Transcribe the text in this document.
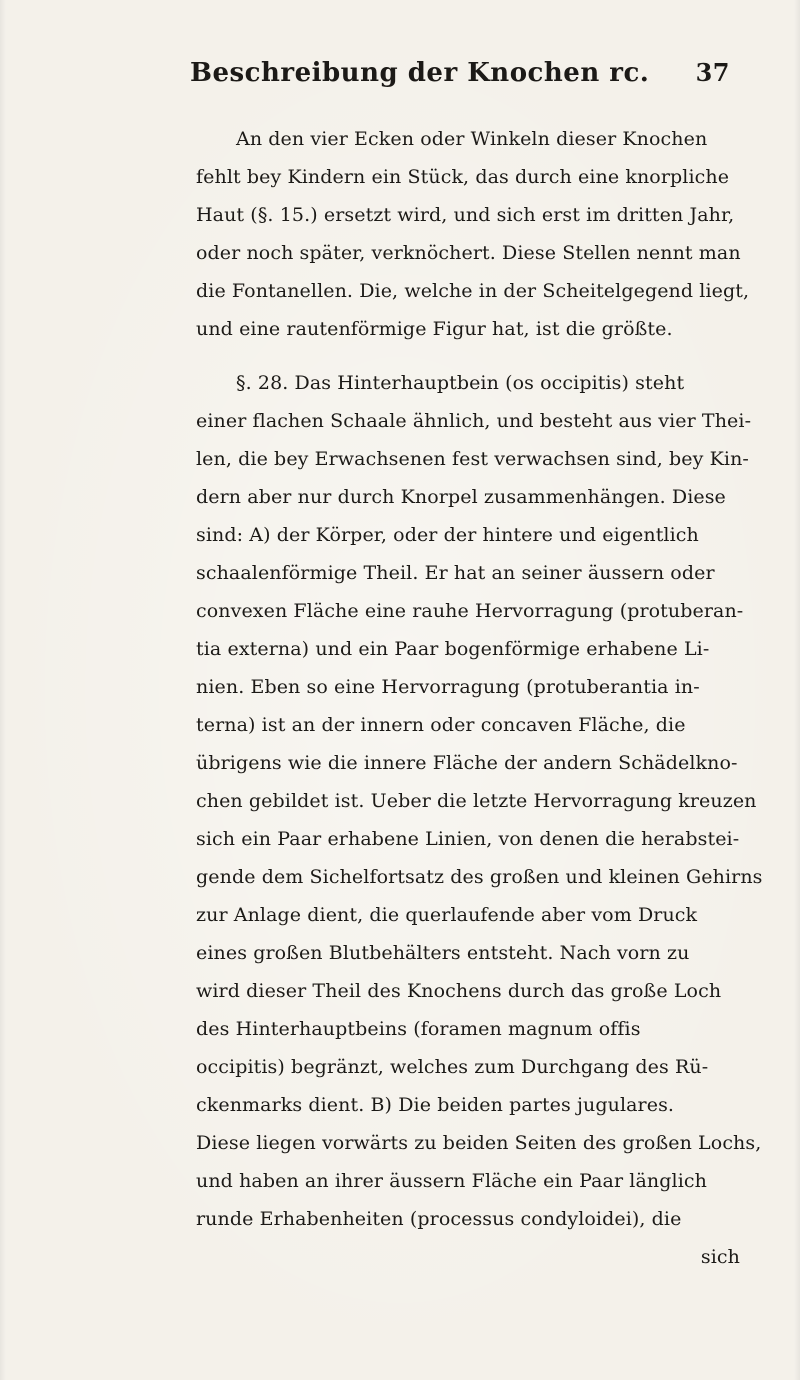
Beschreibung der Knochen rc. 37
An den vier Ecken oder Winkeln dieser Knochen
fehlt bey Kindern ein Stück, das durch eine knorpliche
Haut (§. 15.) ersetzt wird, und sich erst im dritten Jahr,
oder noch später, verknöchert. Diese Stellen nennt man
die Fontanellen. Die, welche in der Scheitelgegend liegt,
und eine rautenförmige Figur hat, ist die größte.
§. 28. Das Hinterhauptbein (os occipitis) steht
einer flachen Schaale ähnlich, und besteht aus vier Thei-
len, die bey Erwachsenen fest verwachsen sind, bey Kin-
dern aber nur durch Knorpel zusammenhängen. Diese
sind: A) der Körper, oder der hintere und eigentlich
schaalenförmige Theil. Er hat an seiner äussern oder
convexen Fläche eine rauhe Hervorragung (protuberan-
tia externa) und ein Paar bogenförmige erhabene Li-
nien. Eben so eine Hervorragung (protuberantia in-
terna) ist an der innern oder concaven Fläche, die
übrigens wie die innere Fläche der andern Schädelkno-
chen gebildet ist. Ueber die letzte Hervorragung kreuzen
sich ein Paar erhabene Linien, von denen die herabstei-
gende dem Sichelfortsatz des großen und kleinen Gehirns
zur Anlage dient, die querlaufende aber vom Druck
eines großen Blutbehälters entsteht. Nach vorn zu
wird dieser Theil des Knochens durch das große Loch
des Hinterhauptbeins (foramen magnum offis
occipitis) begränzt, welches zum Durchgang des Rü-
ckenmarks dient. B) Die beiden partes jugulares.
Diese liegen vorwärts zu beiden Seiten des großen Lochs,
und haben an ihrer äussern Fläche ein Paar länglich
runde Erhabenheiten (processus condyloidei), die
sich
